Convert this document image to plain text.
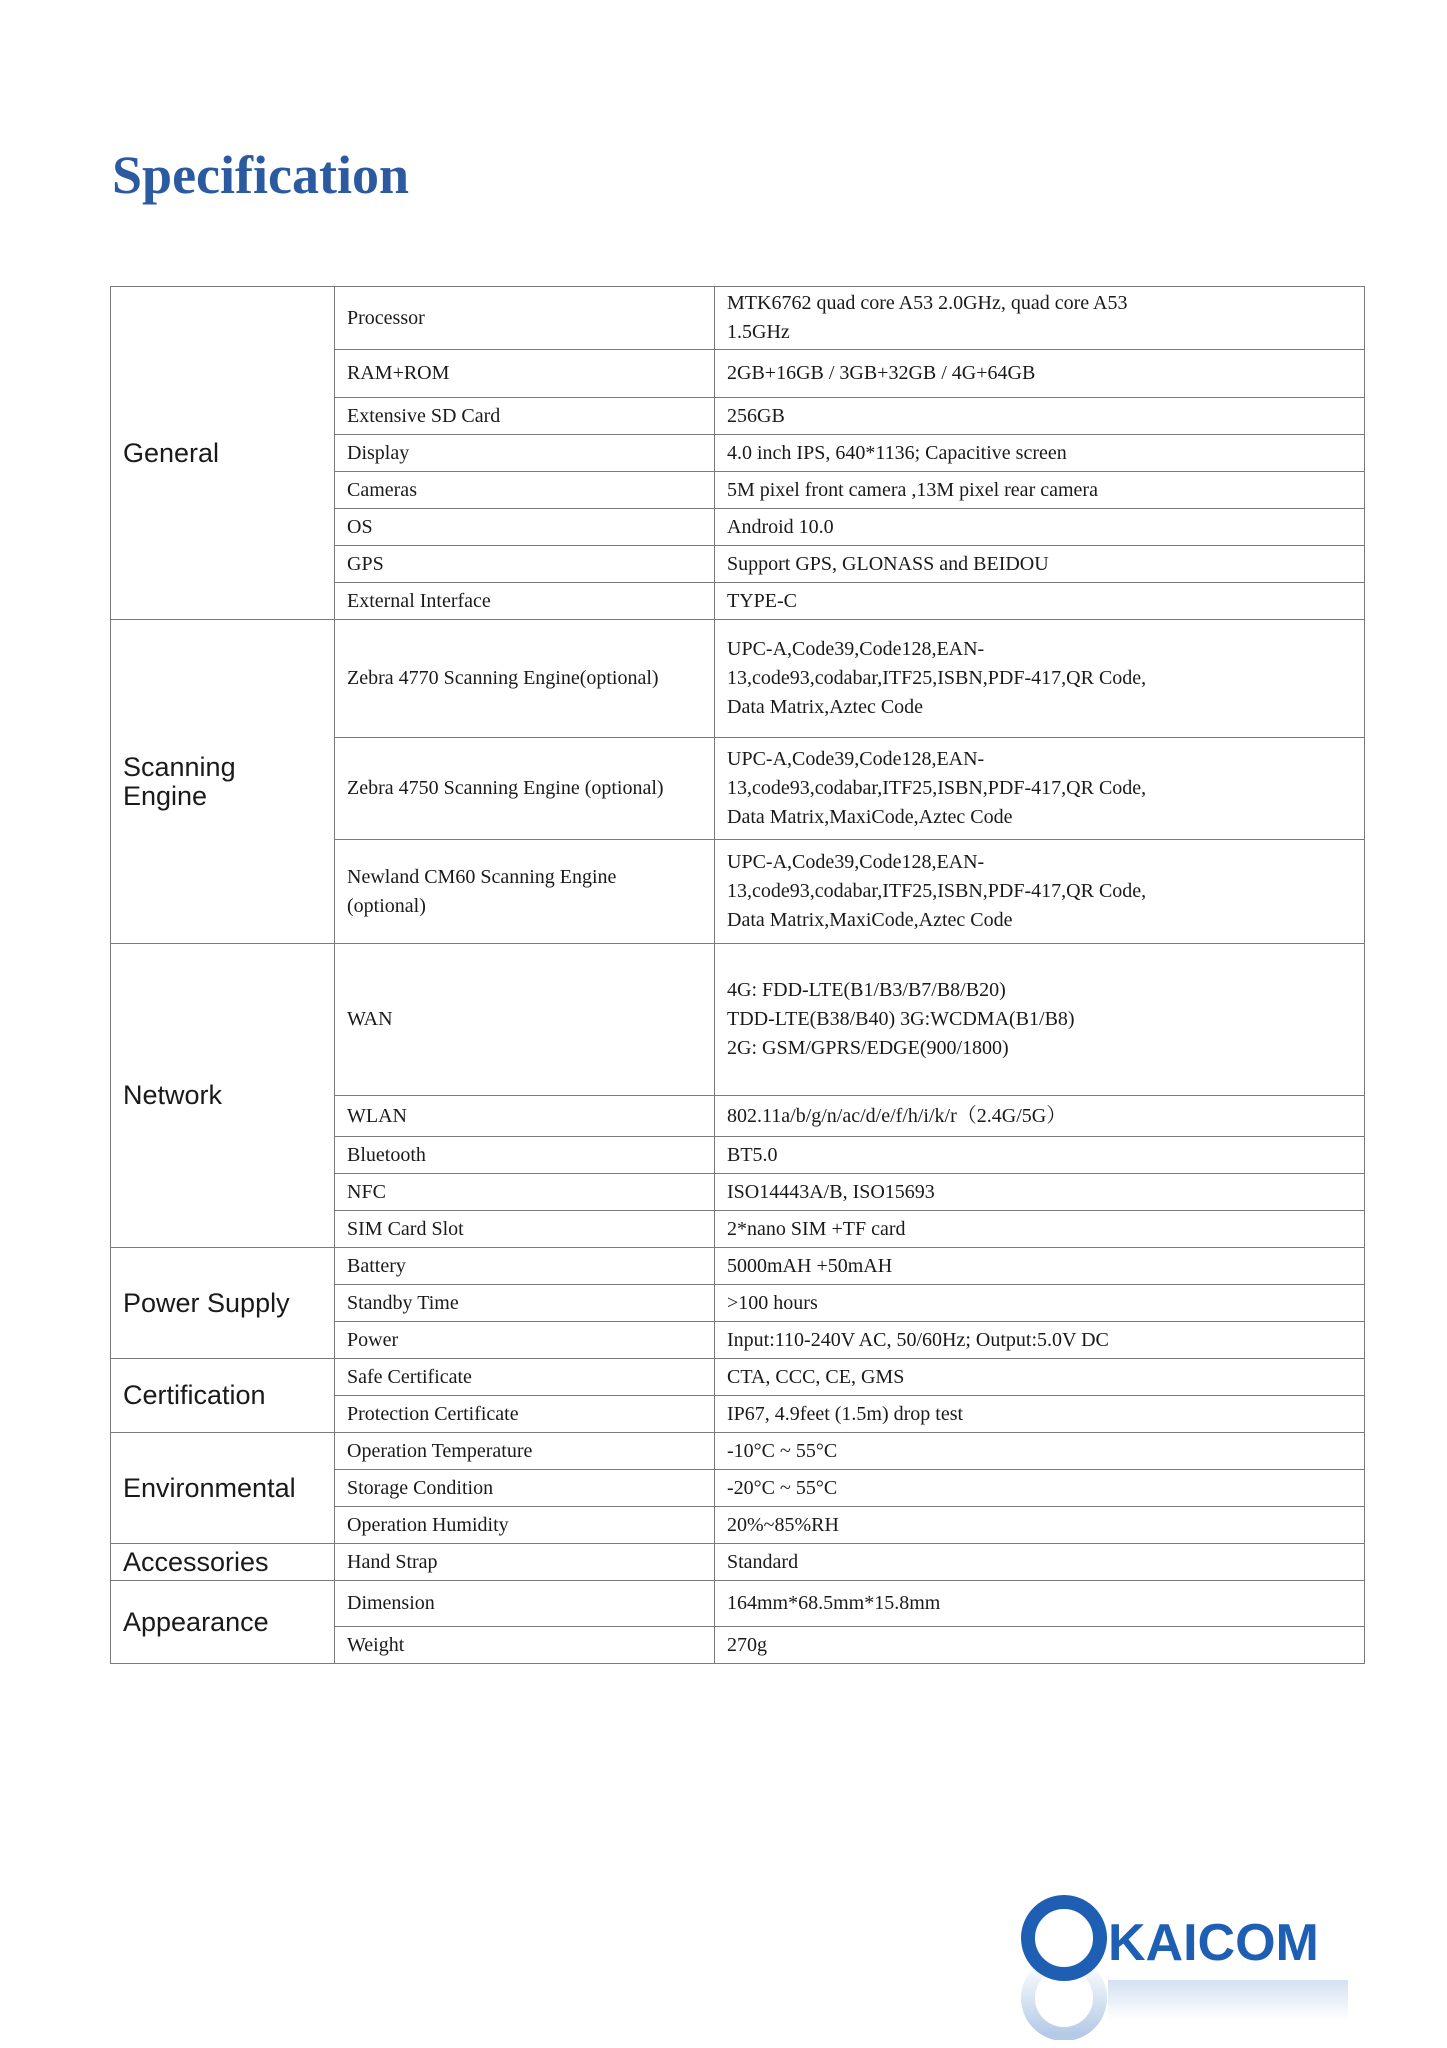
Specification
General	Processor	MTK6762 quad core A53 2.0GHz, quad core A53
1.5GHz
	RAM+ROM	2GB+16GB / 3GB+32GB / 4G+64GB
	Extensive SD Card	256GB
	Display	4.0 inch IPS, 640*1136; Capacitive screen
	Cameras	5M pixel front camera ,13M pixel rear camera
	OS	Android 10.0
	GPS	Support GPS, GLONASS and BEIDOU
	External Interface	TYPE-C
Scanning Engine	Zebra 4770 Scanning Engine(optional)	UPC-A,Code39,Code128,EAN-
13,code93,codabar,ITF25,ISBN,PDF-417,QR Code,
Data Matrix,Aztec Code
	Zebra 4750 Scanning Engine (optional)	UPC-A,Code39,Code128,EAN-
13,code93,codabar,ITF25,ISBN,PDF-417,QR Code,
Data Matrix,MaxiCode,Aztec Code
	Newland CM60 Scanning Engine
(optional)	UPC-A,Code39,Code128,EAN-
13,code93,codabar,ITF25,ISBN,PDF-417,QR Code,
Data Matrix,MaxiCode,Aztec Code
Network	WAN	4G: FDD-LTE(B1/B3/B7/B8/B20)
TDD-LTE(B38/B40) 3G:WCDMA(B1/B8)
2G: GSM/GPRS/EDGE(900/1800)
	WLAN	802.11a/b/g/n/ac/d/e/f/h/i/k/r（2.4G/5G）
	Bluetooth	BT5.0
	NFC	ISO14443A/B, ISO15693
	SIM Card Slot	2*nano SIM +TF card
Power Supply	Battery	5000mAH +50mAH
	Standby Time	>100 hours
	Power	Input:110-240V AC, 50/60Hz; Output:5.0V DC
Certification	Safe Certificate	CTA, CCC, CE, GMS
	Protection Certificate	IP67, 4.9feet (1.5m) drop test
Environmental	Operation Temperature	-10°C ~ 55°C
	Storage Condition	-20°C ~ 55°C
	Operation Humidity	20%~85%RH
Accessories	Hand Strap	Standard
Appearance	Dimension	164mm*68.5mm*15.8mm
	Weight	270g
KAICOM
